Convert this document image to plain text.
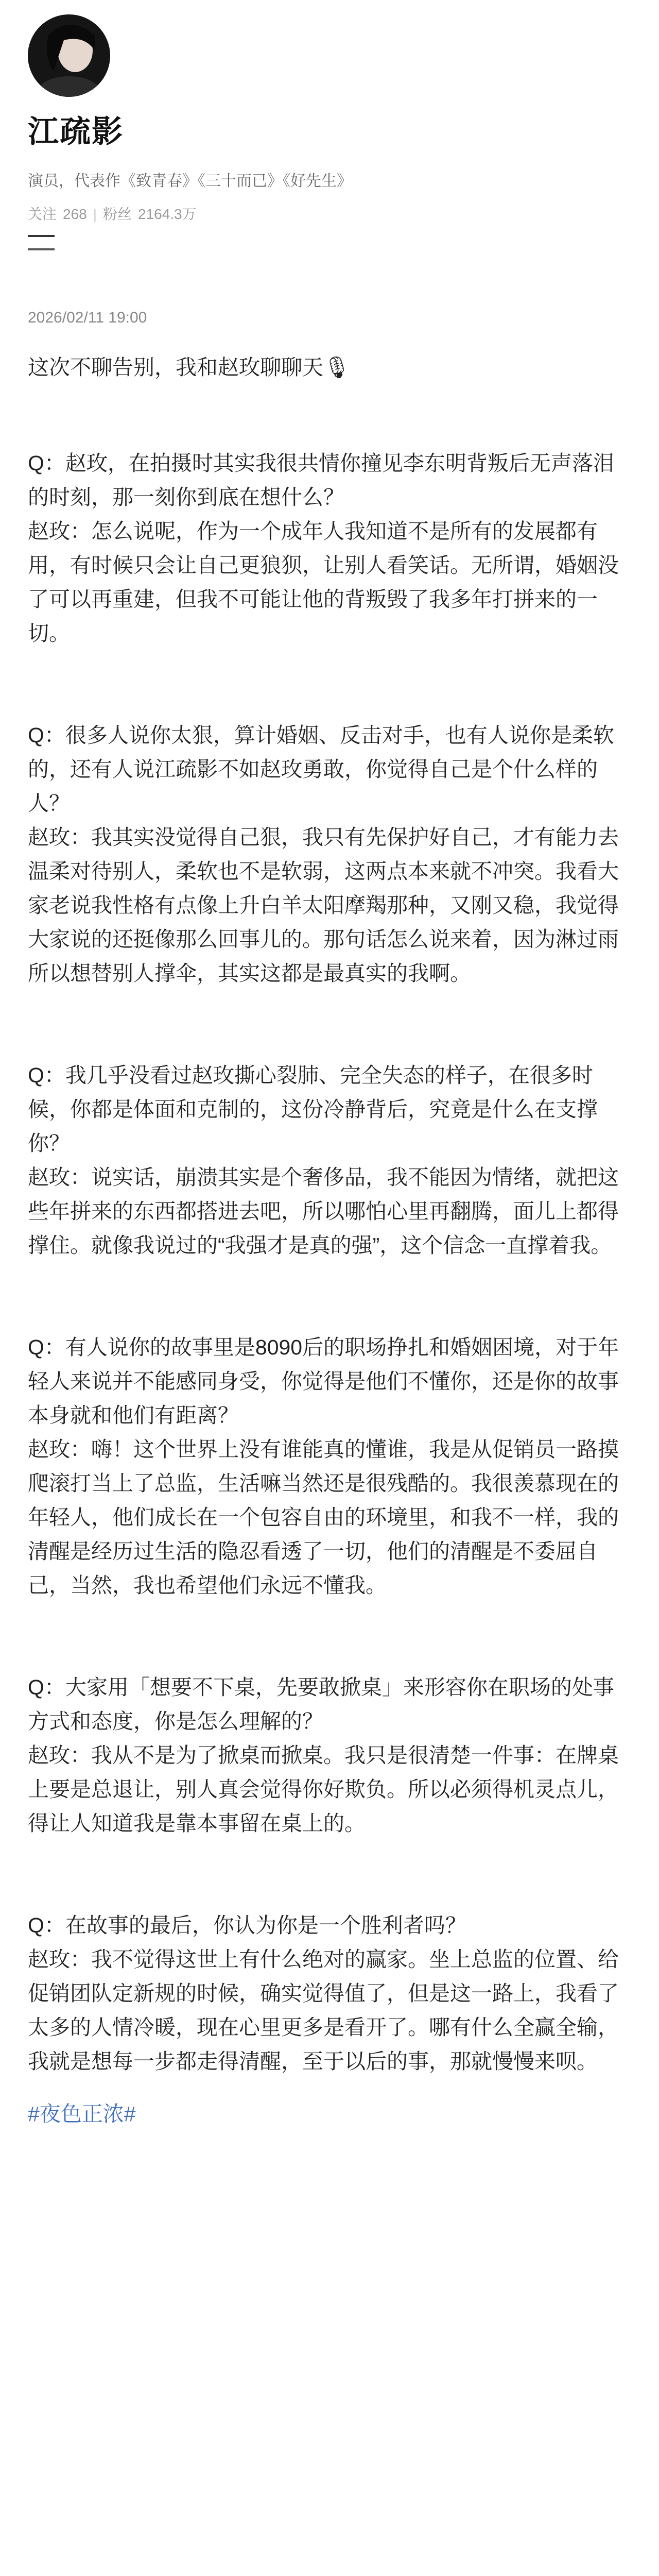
江疏影
演员，代表作《致青春》《三十而已》《好先生》
关注 268 | 粉丝 2164.3万
2026/02/11 19:00

这次不聊告别，我和赵玫聊聊天🎙

Q：赵玫，在拍摄时其实我很共情你撞见李东明背叛后无声落泪的时刻，那一刻你到底在想什么？
赵玫：怎么说呢，作为一个成年人我知道不是所有的发展都有用，有时候只会让自己更狼狈，让别人看笑话。无所谓，婚姻没了可以再重建，但我不可能让他的背叛毁了我多年打拼来的一切。

Q：很多人说你太狠，算计婚姻、反击对手，也有人说你是柔软的，还有人说江疏影不如赵玫勇敢，你觉得自己是个什么样的人？
赵玫：我其实没觉得自己狠，我只有先保护好自己，才有能力去温柔对待别人，柔软也不是软弱，这两点本来就不冲突。我看大家老说我性格有点像上升白羊太阳摩羯那种，又刚又稳，我觉得大家说的还挺像那么回事儿的。那句话怎么说来着，因为淋过雨所以想替别人撑伞，其实这都是最真实的我啊。

Q：我几乎没看过赵玫撕心裂肺、完全失态的样子，在很多时候，你都是体面和克制的，这份冷静背后，究竟是什么在支撑你？
赵玫：说实话，崩溃其实是个奢侈品，我不能因为情绪，就把这些年拼来的东西都搭进去吧，所以哪怕心里再翻腾，面儿上都得撑住。就像我说过的“我强才是真的强”，这个信念一直撑着我。

Q：有人说你的故事里是8090后的职场挣扎和婚姻困境，对于年轻人来说并不能感同身受，你觉得是他们不懂你，还是你的故事本身就和他们有距离？
赵玫：嗨！这个世界上没有谁能真的懂谁，我是从促销员一路摸爬滚打当上了总监，生活嘛当然还是很残酷的。我很羡慕现在的年轻人，他们成长在一个包容自由的环境里，和我不一样，我的清醒是经历过生活的隐忍看透了一切，他们的清醒是不委屈自己，当然，我也希望他们永远不懂我。

Q：大家用「想要不下桌，先要敢掀桌」来形容你在职场的处事方式和态度，你是怎么理解的？
赵玫：我从不是为了掀桌而掀桌。我只是很清楚一件事：在牌桌上要是总退让，别人真会觉得你好欺负。所以必须得机灵点儿，得让人知道我是靠本事留在桌上的。

Q：在故事的最后，你认为你是一个胜利者吗？
赵玫：我不觉得这世上有什么绝对的赢家。坐上总监的位置、给促销团队定新规的时候，确实觉得值了，但是这一路上，我看了太多的人情冷暖，现在心里更多是看开了。哪有什么全赢全输，我就是想每一步都走得清醒，至于以后的事，那就慢慢来呗。

#夜色正浓#
